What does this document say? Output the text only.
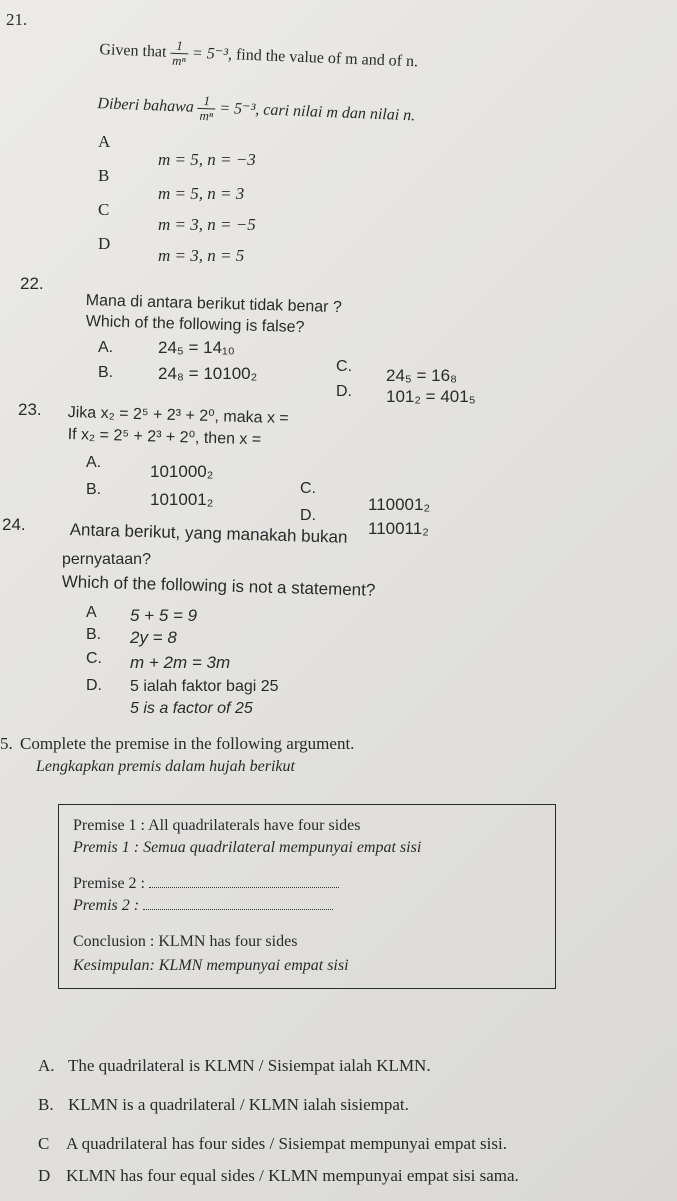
21.
Given that $\frac{1}{\text{mⁿ}} = 5^{-3}$, find the value of m and of n.
Diberi bahawa $\frac{1}{\text{mⁿ}} = 5^{-3}$, cari nilai m dan nilai n.
A
m = 5, n = −3
B
m = 5, n = 3
C
m = 3, n = −5
D
m = 3, n = 5
22.
Mana di antara berikut tidak benar ?
Which of the following is false?
A.	24₅ = 14₁₀
B.	24₈ = 10100₂	C. 24₅ = 16₈
D. 101₂ = 401₅
23. Jika x₂ = 2⁵ + 2³ + 2⁰, maka x =
If x₂ = 2⁵ + 2³ + 2⁰, then x =
A.	101000₂
B.
101001₂
C.
110001₂
D.
110011₂
24.	Antara berikut, yang manakah bukan
pernyataan?
Which of the following is not a statement?
A 5 + 5 = 9
B. 2y = 8
C. m + 2m = 3m
D. 5 ialah faktor bagi 25
5 is a factor of 25
5. Complete the premise in the following argument.
Lengkapkan premis dalam hujah berikut
Premise 1 : All quadrilaterals have four sides
Premis 1 : Semua quadrilateral mempunyai empat sisi
Premise 2 :
Premis 2 :
Conclusion : KLMN has four sides
Kesimpulan: KLMN mempunyai empat sisi
A. The quadrilateral is KLMN / Sisiempat ialah KLMN.
B. KLMN is a quadrilateral / KLMN ialah sisiempat.
C A quadrilateral has four sides / Sisiempat mempunyai empat sisi.
D KLMN has four equal sides / KLMN mempunyai empat sisi sama.
